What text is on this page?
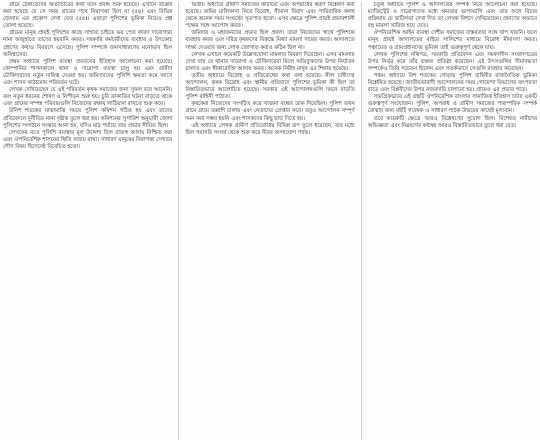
গ্রামে ঠেঙ্গাড়েদের অত্যাচারের কথা বলে প্রবন্ধ শুরু হয়েছে। এখানে উল্লেখ করা হয়েছে যে সে সময় গ্রামের পথে নিরাপত্তা ছিল না (৫৪) এবং বিভিন্ন জেলায় এর প্রকোপ দেখা যেত (৫৫)। এছাড়া পুলিশের ভূমিকা নিয়েও প্রশ্ন তোলা হয়েছে।

গ্রামের মানুষ প্রায়ই পুলিশের কাছে সাহায্য চাইতে ভয় পেত কারণ দারোগারা নানা অজুহাতে তাদের হয়রানি করত। সরকারি কর্মচারীদের ব্যবহার ও উৎকোচ গ্রহণের কথাও বিবরণে এসেছে। পুলিশ সম্পর্কে জনসাধারণের মনোভাব ছিল অবিশ্বাসের।

প্রথম অধ্যায়ে পুলিশ ব্যবস্থা প্রবর্তনের ইতিহাস আলোচনা করা হয়েছে। কোম্পানির শাসনকালে থানা ও দারোগা ব্যবস্থা চালু হয় এবং গ্রামীণ চৌকিদারদের নতুন দায়িত্ব দেওয়া হয়। জমিদারদের পুলিশি ক্ষমতা কমে আসে এবং শাসন কাঠামোয় পরিবর্তন ঘটে।

লেখক দেখিয়েছেন যে এই পরিবর্তন কৃষক সমাজের জন্য সুফল বয়ে আনেনি। বরং নতুন ধরনের শোষণ ও নিপীড়ন শুরু হয়। চুরি ডাকাতির ঘটনা বাড়তে থাকে এবং গ্রামের সম্পন্ন পরিবারগুলি নিজেদের রক্ষায় লাঠিয়াল রাখতে শুরু করে।

উনিশ শতকের মাঝামাঝি সময়ে পুলিশ কমিশন গঠিত হয় এবং তাদের প্রতিবেদনে দুর্নীতির নানা দৃষ্টান্ত তুলে ধরা হয়। কমিশনের সুপারিশ অনুযায়ী জেলা পুলিশের সংগঠনে সংস্কার আনা হয়, যদিও মাঠ পর্যায়ে তার প্রভাব সীমিত ছিল।

লেখকের মতে পুলিশি ব্যবস্থার মূল উদ্দেশ্য ছিল রাজস্ব আদায় নিশ্চিত করা এবং ঔপনিবেশিক শাসনের স্থিতি বজায় রাখা। সাধারণ মানুষের নিরাপত্তা সেখানে গৌণ বিষয় হিসেবেই বিবেচিত হতো।

দ্বিতীয় অধ্যায়ে গ্রামীণ সমাজের কাঠামো এবং অপরাধের স্বরূপ বিশ্লেষণ করা হয়েছে। জমির মালিকানা নিয়ে বিরোধ, সীমানা বিবাদ এবং পারিবারিক কলহ থেকে অনেক সময় সংঘর্ষের সূত্রপাত হতো। এসব ক্ষেত্রে পুলিশ প্রায়ই প্রভাবশালী পক্ষের সঙ্গে আপোস করত।

জমিদার ও মহাজনদের প্রভাব ছিল প্রবল। তারা নিজেদের স্বার্থে পুলিশকে ব্যবহার করত এবং দরিদ্র কৃষকদের বিরুদ্ধে মিথ্যা মামলা দায়ের করত। আদালতে সাক্ষ্য দেওয়ার জন্য লোক জোগাড় করাও কঠিন ছিল না।

লেখক এখানে কয়েকটি উল্লেখযোগ্য মামলার বিবরণ দিয়েছেন। এসব মামলায় দেখা যায় যে থানার দারোগা ও চৌকিদারেরা মিলে অভিযুক্তদের উপর নির্যাতন চালাত এবং স্বীকারোক্তি আদায় করত। অনেক নিরীহ মানুষ এর শিকার হয়েছে।

তৃতীয় অধ্যায়ে বিদ্রোহ ও প্রতিরোধের কথা বলা হয়েছে। নীল চাষীদের আন্দোলন, কৃষক বিদ্রোহ এবং স্থানীয় প্রতিবাদে পুলিশের ভূমিকা কী ছিল তা বিস্তারিতভাবে আলোচিত হয়েছে। সরকার এই আন্দোলনগুলি দমনে বাড়তি পুলিশ বাহিনী পাঠাত।

কৃষকেরা নিজেদের সংগঠিত করে খাজনা বন্ধের ডাক দিয়েছিল। পুলিশ তখন গ্রামে গ্রামে তল্লাশি চালায় এবং নেতাদের গ্রেপ্তার করে। তবুও আন্দোলন সম্পূর্ণ দমন করা সম্ভব হয়নি এবং শাসকদের কিছু ছাড় দিতে হয়।

এই অধ্যায়ে লেখক গ্রামীণ প্রতিরোধের বিভিন্ন রূপ তুলে ধরেছেন, যার মধ্যে ছিল সরাসরি সংঘর্ষ থেকে শুরু করে নীরব অসহযোগ পর্যন্ত।

চতুর্থ অধ্যায়ে পুলিশ ও আদালতের সম্পর্ক নিয়ে আলোচনা করা হয়েছে। ম্যাজিস্ট্রেট ও দারোগাদের মধ্যে ক্ষমতার ভাগাভাগি এবং তার ফলে বিচার প্রক্রিয়ায় যে জটিলতা দেখা দিত তা লেখক বিশদে দেখিয়েছেন। প্রমাণের অভাবে বহু মামলা খারিজ হয়ে যেত।

ঔপনিবেশিক আইন ব্যবস্থা দেশীয় সমাজের বাস্তবতার সঙ্গে খাপ খায়নি। ফলে মানুষ প্রায়ই আদালতের বাইরে সালিশের মাধ্যমে বিরোধ মীমাংসা করত। পঞ্চায়েত ও গ্রামপ্রধানদের ভূমিকা তাই গুরুত্বপূর্ণ থেকে যায়।

লেখক পুলিশের নথিপত্র, সরকারি প্রতিবেদন এবং সমকালীন সংবাদপত্রের উপর নির্ভর করে তাঁর বক্তব্য প্রতিষ্ঠা করেছেন। এই উৎসগুলির সীমাবদ্ধতা সম্পর্কেও তিনি সচেতন ছিলেন এবং সতর্কভাবে সেগুলি ব্যবহার করেছেন।

পঞ্চম অধ্যায়ে বিশ শতকের গোড়ায় পুলিশ বাহিনীর রাজনৈতিক ভূমিকা বিশ্লেষিত হয়েছে। জাতীয়তাবাদী আন্দোলনের সময় গোয়েন্দা বিভাগের তৎপরতা বাড়ে এবং বিপ্লবীদের উপর নজরদারি চালানো হয়। গ্রামেও এর প্রভাব পড়ে।

সামগ্রিকভাবে এই গ্রন্থটি ঔপনিবেশিক বাংলার সামাজিক ইতিহাস চর্চায় একটি গুরুত্বপূর্ণ সংযোজন। পুলিশ, অপরাধ ও গ্রামীণ সমাজের পারস্পরিক সম্পর্ক বোঝার জন্য বইটি গবেষক ও সাধারণ পাঠক উভয়ের কাছেই মূল্যবান।

তবে কয়েকটি ক্ষেত্রে আরও বিশ্লেষণের সুযোগ ছিল। বিশেষত নারীদের অভিজ্ঞতা এবং নিম্নবর্গের কণ্ঠস্বর আরও বিস্তারিতভাবে তুলে ধরা যেত।
